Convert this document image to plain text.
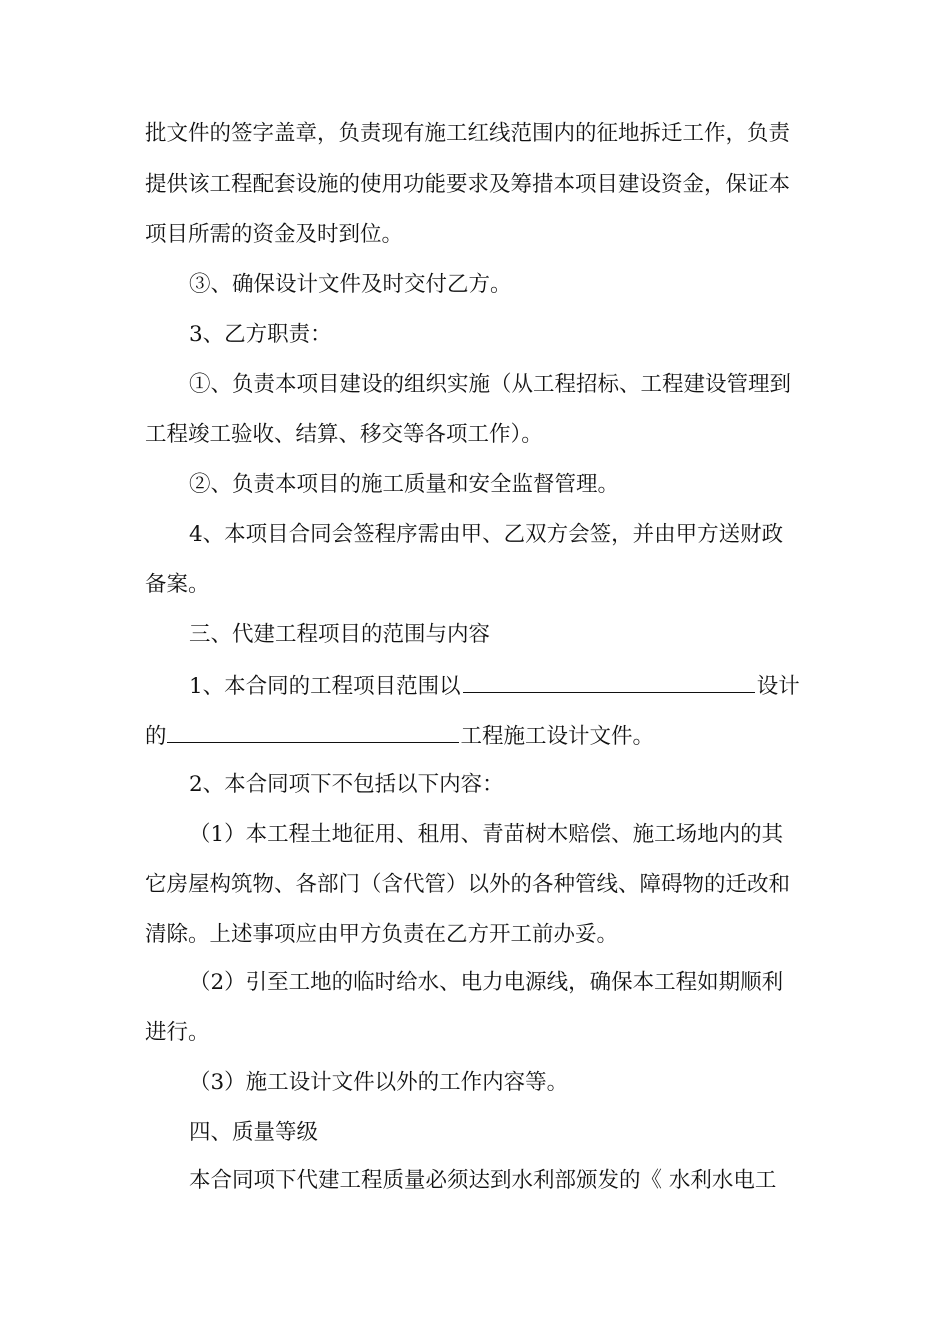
批文件的签字盖章，负责现有施工红线范围内的征地拆迁工作，负责
提供该工程配套设施的使用功能要求及筹措本项目建设资金，保证本
项目所需的资金及时到位。
③、确保设计文件及时交付乙方。
3、乙方职责：
①、负责本项目建设的组织实施（从工程招标、工程建设管理到
工程竣工验收、结算、移交等各项工作）。
②、负责本项目的施工质量和安全监督管理。
4、本项目合同会签程序需由甲、乙双方会签，并由甲方送财政
备案。
三、代建工程项目的范围与内容
1、本合同的工程项目范围以	设计
的	工程施工设计文件。
2、本合同项下不包括以下内容：
（1）本工程土地征用、租用、青苗树木赔偿、施工场地内的其
它房屋构筑物、各部门（含代管）以外的各种管线、障碍物的迁改和
清除。上述事项应由甲方负责在乙方开工前办妥。
（2）引至工地的临时给水、电力电源线，确保本工程如期顺利
进行。
（3）施工设计文件以外的工作内容等。
四、质量等级
本合同项下代建工程质量必须达到水利部颁发的《 水利水电工
